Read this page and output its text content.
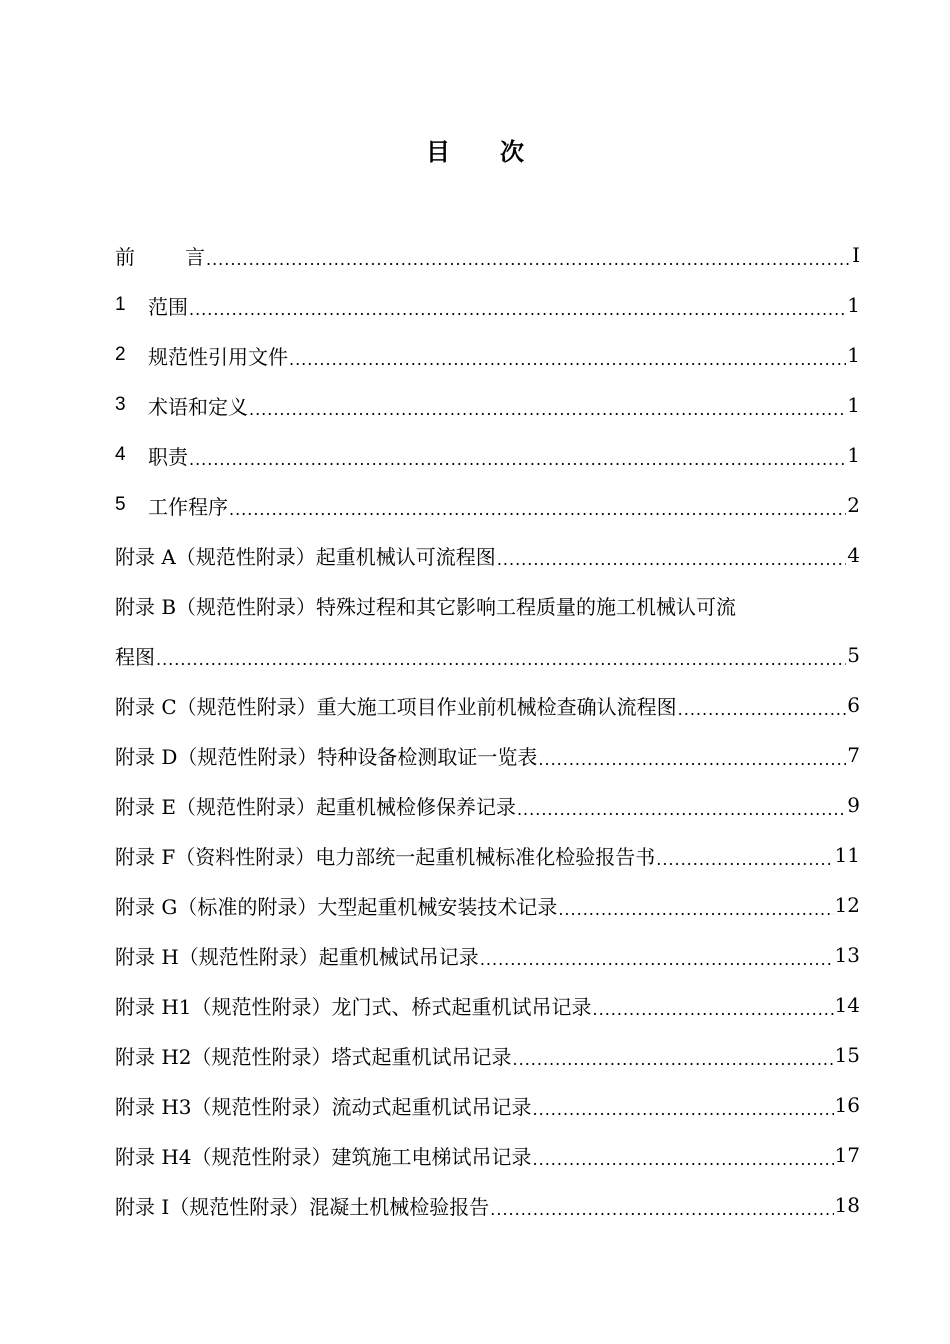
目 次
前	言 .....	I
1	范围 .....	1
2	规范性引用文件 .....	1
3	术语和定义 .....	1
4	职责 .....	1
5	工作程序 .....	2
附录 A（规范性附录）起重机械认可流程图 .....	4
附录 B（规范性附录）特殊过程和其它影响工程质量的施工机械认可流
程图 .....	5
附录 C（规范性附录）重大施工项目作业前机械检查确认流程图 .....	6
附录 D（规范性附录）特种设备检测取证一览表 .....	7
附录 E（规范性附录）起重机械检修保养记录 .....	9
附录 F（资料性附录）电力部统一起重机械标准化检验报告书 .....	11
附录 G（标准的附录）大型起重机械安装技术记录 .....	12
附录 H（规范性附录）起重机械试吊记录 .....	13
附录 H1（规范性附录）龙门式、桥式起重机试吊记录 .....	14
附录 H2（规范性附录）塔式起重机试吊记录 .....	15
附录 H3（规范性附录）流动式起重机试吊记录 .....	16
附录 H4（规范性附录）建筑施工电梯试吊记录 .....	17
附录 I（规范性附录）混凝土机械检验报告 .....	18
